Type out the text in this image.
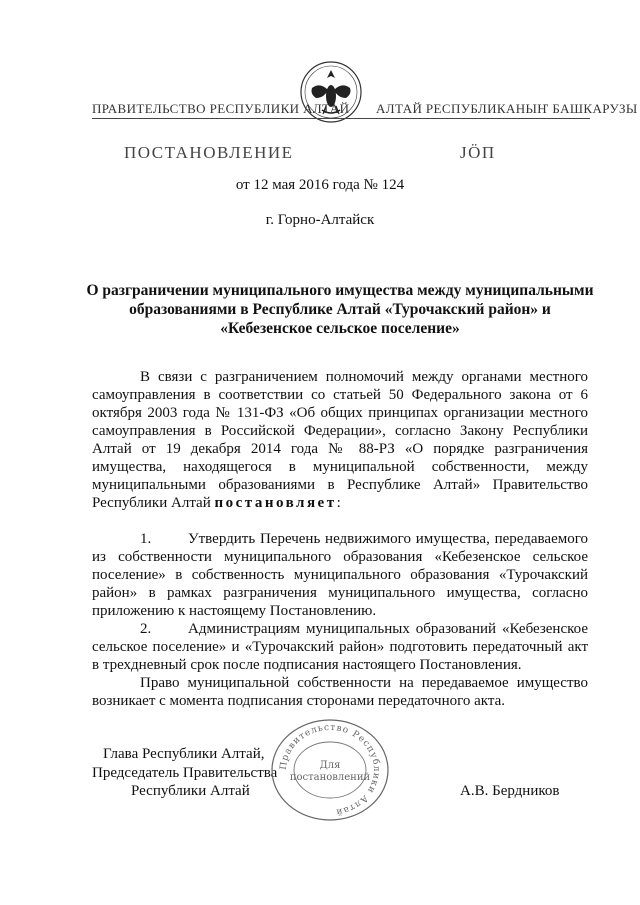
ПРАВИТЕЛЬСТВО РЕСПУБЛИКИ АЛТАЙ АЛТАЙ РЕСПУБЛИКАНЫҤ БАШКАРУЗЫ
ПОСТАНОВЛЕНИЕ	JÖП
от 12 мая 2016 года № 124
г. Горно-Алтайск
О разграничении муниципального имущества между муниципальными
образованиями в Республике Алтай «Турочакский район» и
«Кебезенское сельское поселение»

В связи с разграничением полномочий между органами местного самоуправления в соответствии со статьей 50 Федерального закона от 6 октября 2003 года № 131-ФЗ «Об общих принципах организации местного самоуправления в Российской Федерации», согласно Закону Республики Алтай от 19 декабря 2014 года № 88-РЗ «О порядке разграничения имущества, находящегося в муниципальной собственности, между муниципальными образованиями в Республике Алтай» Правительство Республики Алтай постановляет:

1. Утвердить Перечень недвижимого имущества, передаваемого из собственности муниципального образования «Кебезенское сельское поселение» в собственность муниципального образования «Турочакский район» в рамках разграничения муниципального имущества, согласно приложению к настоящему Постановлению.

2. Администрациям муниципальных образований «Кебезенское сельское поселение» и «Турочакский район» подготовить передаточный акт в трехдневный срок после подписания настоящего Постановления.

Право муниципальной собственности на передаваемое имущество возникает с момента подписания сторонами передаточного акта.

Глава Республики Алтай,
Председатель Правительства
Республики Алтай	А.В. Бердников
Правительство Республики Алтай
Для
постановлений
